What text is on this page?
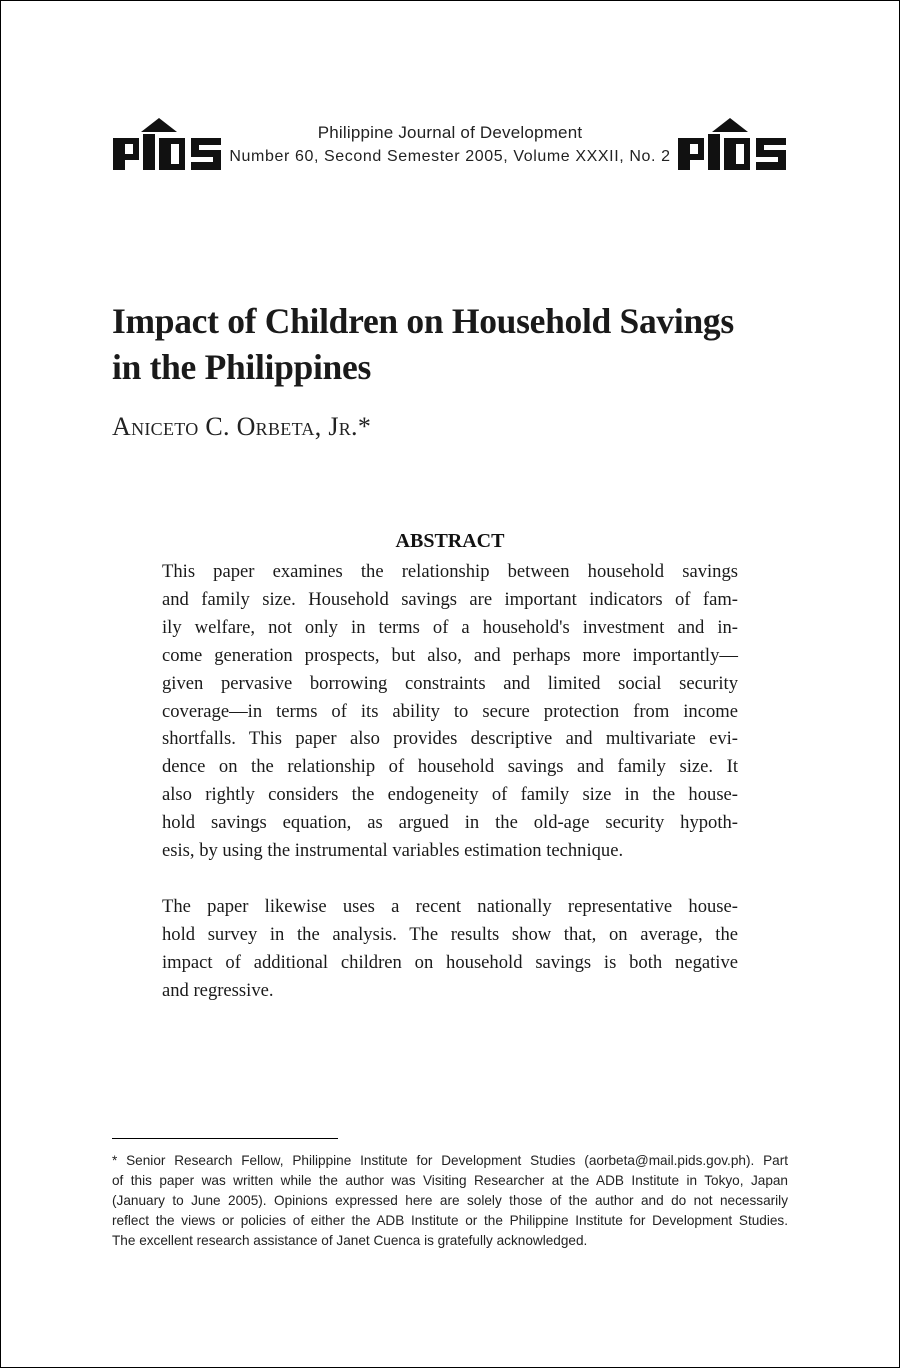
Philippine Journal of Development
Number 60, Second Semester 2005, Volume XXXII, No. 2
Impact of Children on Household Savings
in the Philippines
Aniceto C. Orbeta, Jr.*
ABSTRACT

This paper examines the relationship between household savings
and family size. Household savings are important indicators of fam-
ily welfare, not only in terms of a household's investment and in-
come generation prospects, but also, and perhaps more importantly—
given pervasive borrowing constraints and limited social security
coverage—in terms of its ability to secure protection from income
shortfalls. This paper also provides descriptive and multivariate evi-
dence on the relationship of household savings and family size. It
also rightly considers the endogeneity of family size in the house-
hold savings equation, as argued in the old-age security hypoth-
esis, by using the instrumental variables estimation technique.

The paper likewise uses a recent nationally representative house-
hold survey in the analysis. The results show that, on average, the
impact of additional children on household savings is both negative
and regressive.

* Senior Research Fellow, Philippine Institute for Development Studies (aorbeta@mail.pids.gov.ph). Part
of this paper was written while the author was Visiting Researcher at the ADB Institute in Tokyo, Japan
(January to June 2005). Opinions expressed here are solely those of the author and do not necessarily
reflect the views or policies of either the ADB Institute or the Philippine Institute for Development Studies.
The excellent research assistance of Janet Cuenca is gratefully acknowledged.
